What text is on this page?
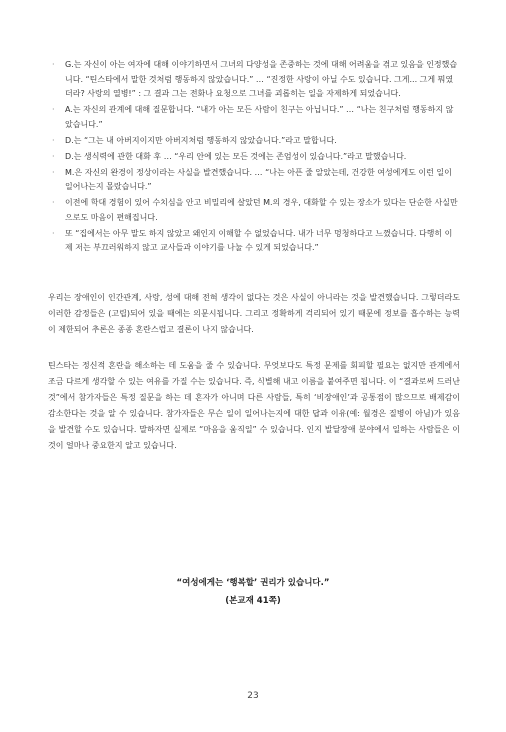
· G.는 자신이 아는 여자에 대해 이야기하면서 그녀의 다양성을 존중하는 것에 대해 어려움을 겪고 있음을 인정했습니다. “틴스타에서 말한 것처럼 행동하지 않았습니다.” … “진정한 사랑이 아닐 수도 있습니다. 그게... 그게 뭐였더라? 사랑의 열병!” : 그 결과 그는 전화나 요청으로 그녀를 괴롭히는 일을 자제하게 되었습니다.
· A.는 자신의 관계에 대해 질문합니다. “내가 아는 모든 사람이 친구는 아닙니다.” … “나는 친구처럼 행동하지 않았습니다.”
· D.는 “그는 내 아버지이지만 아버지처럼 행동하지 않았습니다.”라고 말합니다.
· D.는 생식력에 관한 대화 후 … “우리 안에 있는 모든 것에는 존엄성이 있습니다.”라고 말했습니다.
· M.은 자신의 완경이 정상이라는 사실을 발견했습니다. … “나는 아픈 줄 알았는데, 건강한 여성에게도 이런 일이 일어나는지 몰랐습니다.”
· 이전에 학대 경험이 있어 수치심을 안고 비밀리에 살았던 M.의 경우, 대화할 수 있는 장소가 있다는 단순한 사실만으로도 마음이 편해집니다.
· 또 “집에서는 아무 말도 하지 않았고 왜인지 이해할 수 없었습니다. 내가 너무 멍청하다고 느꼈습니다. 다행히 이제 저는 부끄러워하지 않고 교사들과 이야기를 나눌 수 있게 되었습니다.”

우리는 장애인이 인간관계, 사랑, 성에 대해 전혀 생각이 없다는 것은 사실이 아니라는 것을 발견했습니다. 그렇더라도 이러한 감정들은 (고립)되어 있을 때에는 의문시됩니다. 그리고 정확하게 걱리되어 있기 때문에 정보를 흡수하는 능력이 제한되어 추론은 종종 혼란스럽고 결론이 나지 않습니다.

틴스타는 정신적 혼란을 해소하는 데 도움을 줄 수 있습니다. 무엇보다도 특정 문제를 회피할 필요는 없지만 관계에서 조금 다르게 생각할 수 있는 여유를 가질 수는 있습니다. 즉, 식별해 내고 이름을 붙여주면 됩니다. 이 “결과로써 드러난 것”에서 참가자들은 특정 질문을 하는 데 혼자가 아니며 다른 사람들, 특히 ‘비장애인’과 공통점이 많으므로 배제감이 감소한다는 것을 알 수 있습니다. 참가자들은 무슨 일이 일어나는지에 대한 답과 이유(예: 월경은 질병이 아님)가 있음을 발견할 수도 있습니다. 말하자면 실제로 “마음을 움직일” 수 있습니다. 인지 발달장애 분야에서 일하는 사람들은 이것이 얼마나 중요한지 알고 있습니다.

“여성에게는 ‘행복할’ 권리가 있습니다.”
(본교재 41쪽)
23
